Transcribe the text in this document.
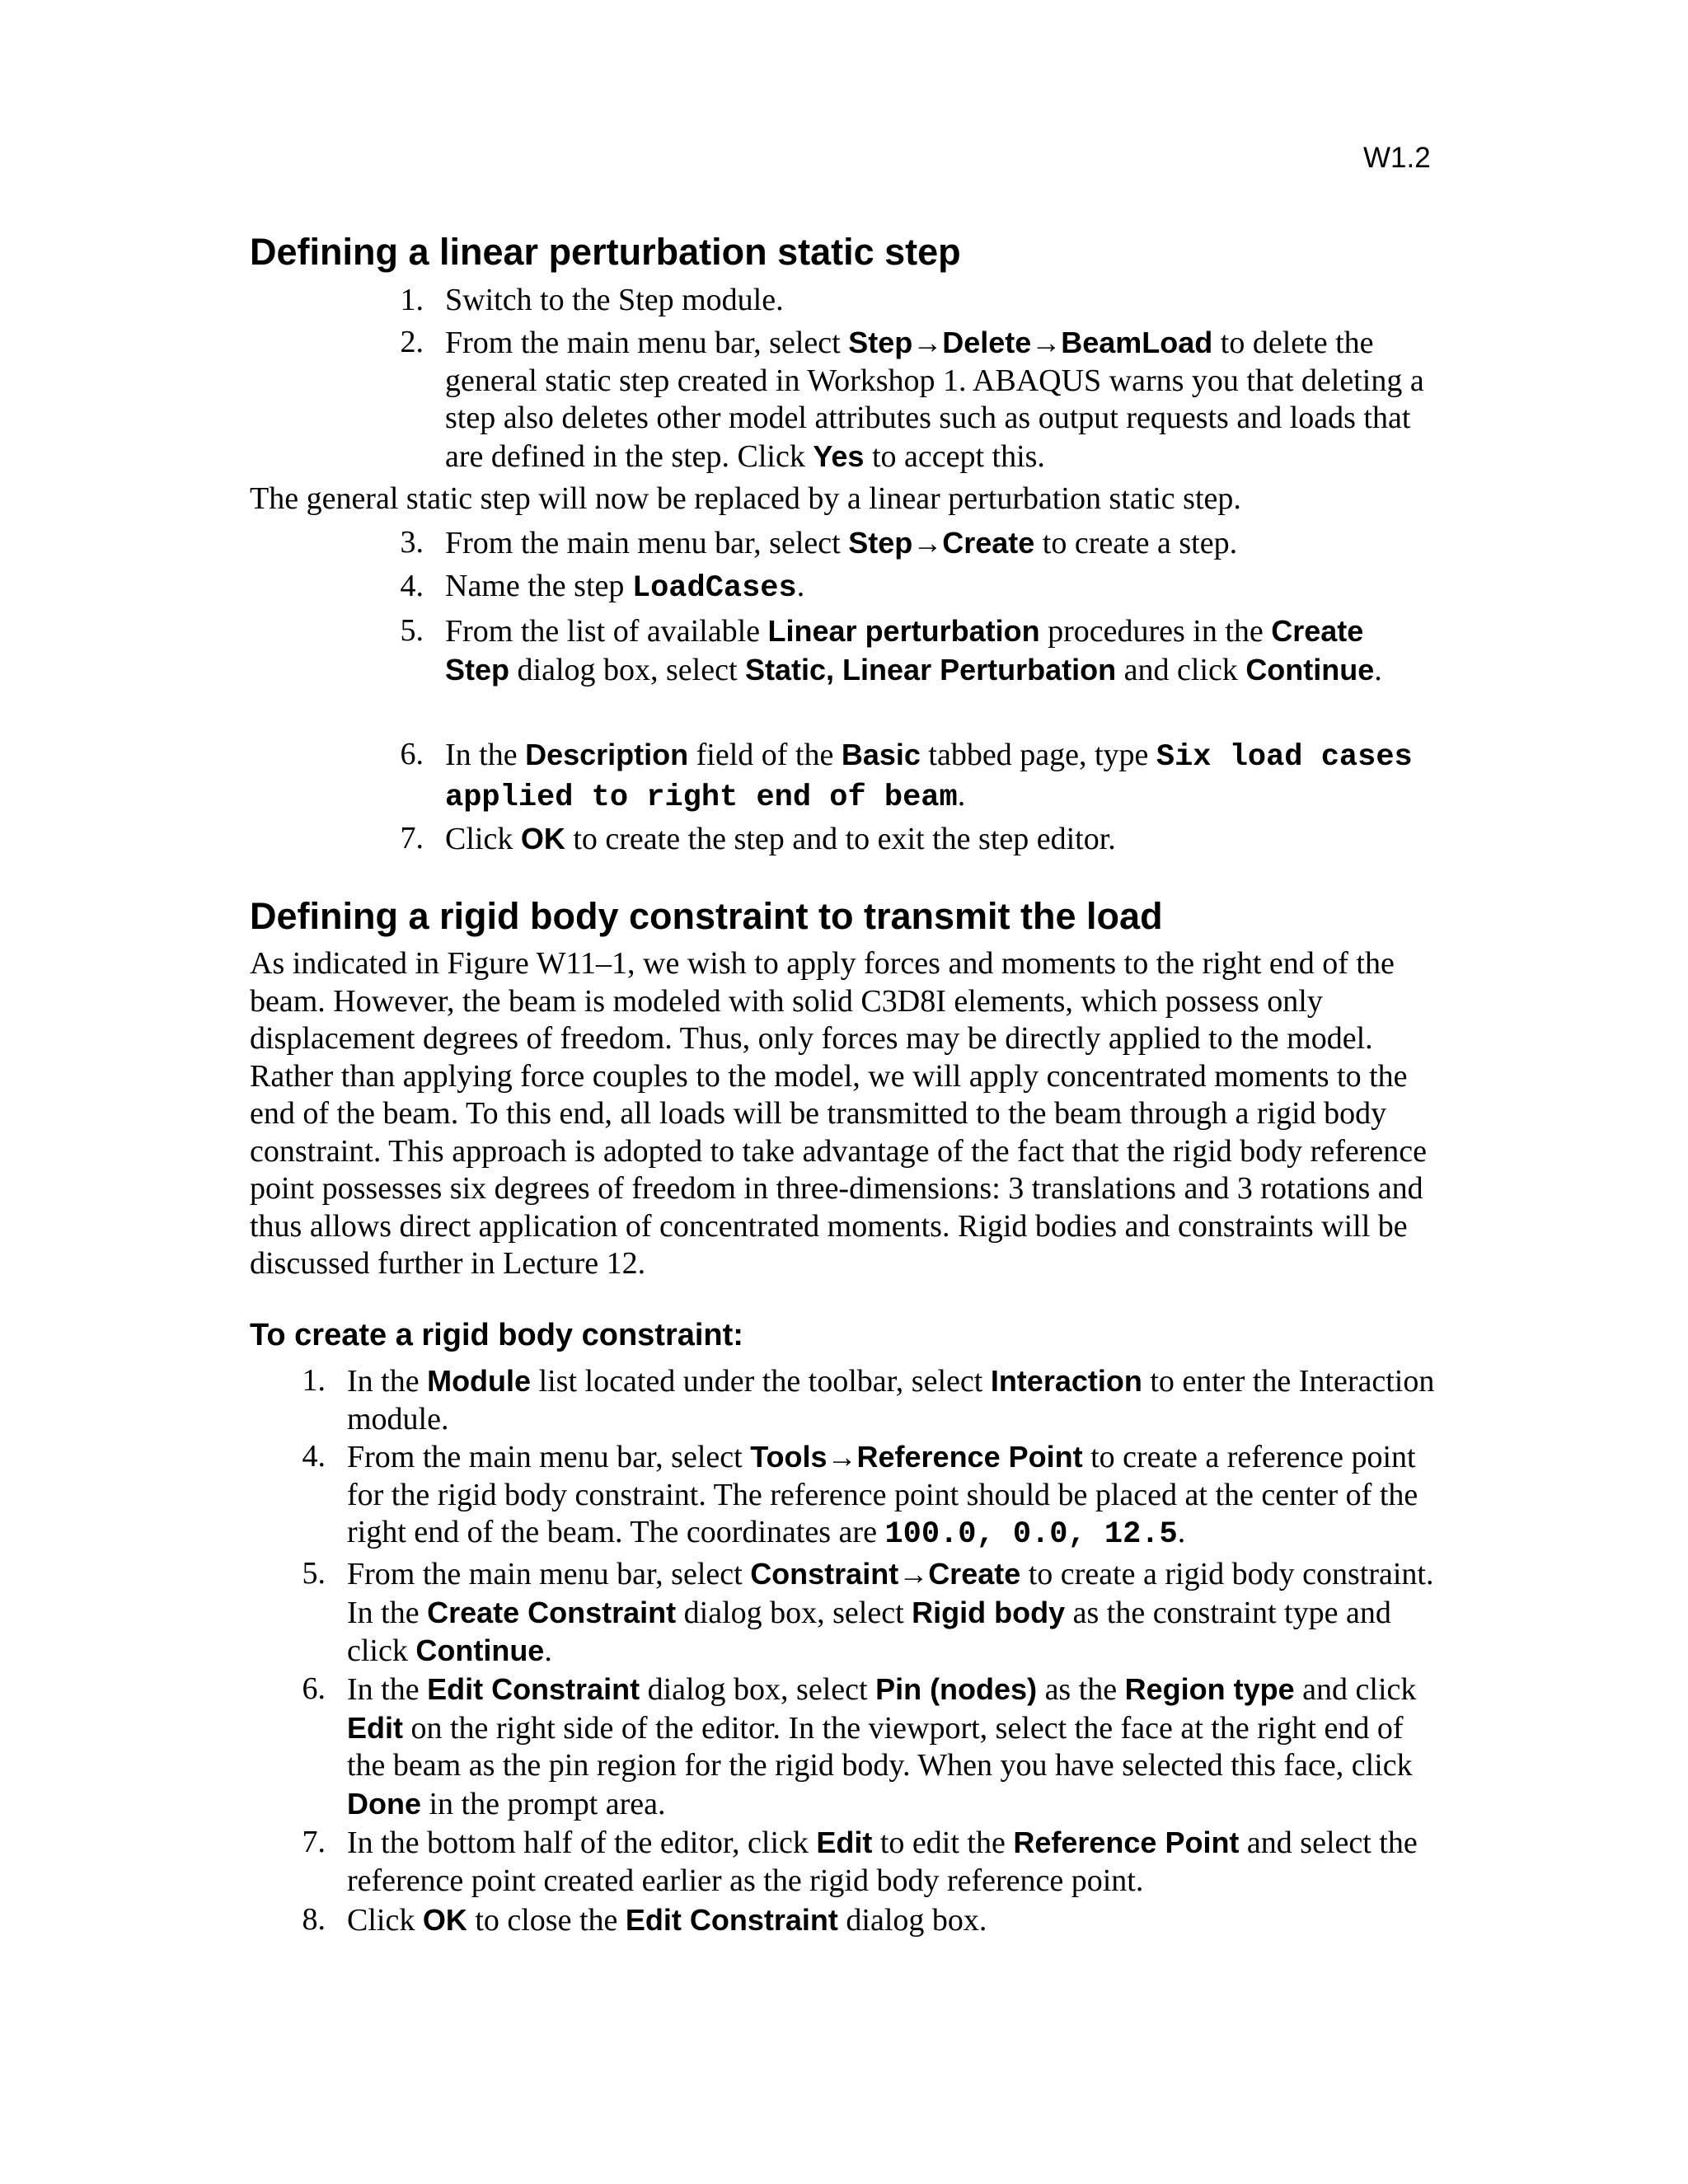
W1.2
Defining a linear perturbation static step
1. Switch to the Step module.
2. From the main menu bar, select Step→Delete→BeamLoad to delete the general static step created in Workshop 1. ABAQUS warns you that deleting a step also deletes other model attributes such as output requests and loads that are defined in the step. Click Yes to accept this.

The general static step will now be replaced by a linear perturbation static step.

3. From the main menu bar, select Step→Create to create a step.
4. Name the step LoadCases.
5. From the list of available Linear perturbation procedures in the Create Step dialog box, select Static, Linear Perturbation and click Continue.
6. In the Description field of the Basic tabbed page, type Six load cases applied to right end of beam.
7. Click OK to create the step and to exit the step editor.
Defining a rigid body constraint to transmit the load

As indicated in Figure W11–1, we wish to apply forces and moments to the right end of the beam. However, the beam is modeled with solid C3D8I elements, which possess only displacement degrees of freedom. Thus, only forces may be directly applied to the model. Rather than applying force couples to the model, we will apply concentrated moments to the end of the beam. To this end, all loads will be transmitted to the beam through a rigid body constraint. This approach is adopted to take advantage of the fact that the rigid body reference point possesses six degrees of freedom in three-dimensions: 3 translations and 3 rotations and thus allows direct application of concentrated moments. Rigid bodies and constraints will be discussed further in Lecture 12.

To create a rigid body constraint:
1. In the Module list located under the toolbar, select Interaction to enter the Interaction module.
4. From the main menu bar, select Tools→Reference Point to create a reference point for the rigid body constraint. The reference point should be placed at the center of the right end of the beam. The coordinates are 100.0, 0.0, 12.5.
5. From the main menu bar, select Constraint→Create to create a rigid body constraint. In the Create Constraint dialog box, select Rigid body as the constraint type and click Continue.
6. In the Edit Constraint dialog box, select Pin (nodes) as the Region type and click Edit on the right side of the editor. In the viewport, select the face at the right end of the beam as the pin region for the rigid body. When you have selected this face, click Done in the prompt area.
7. In the bottom half of the editor, click Edit to edit the Reference Point and select the reference point created earlier as the rigid body reference point.
8. Click OK to close the Edit Constraint dialog box.
